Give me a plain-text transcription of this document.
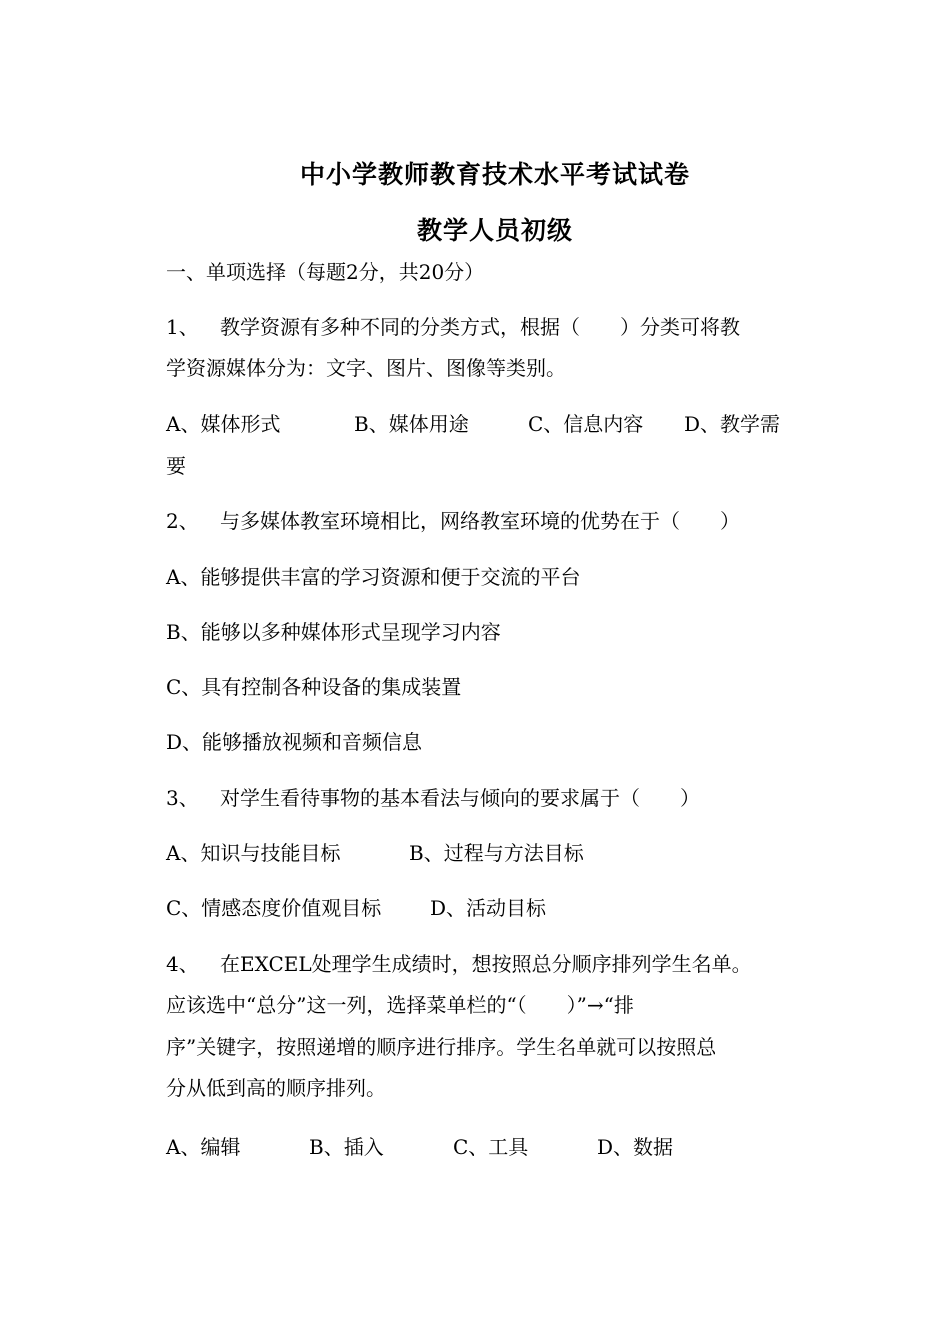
中小学教师教育技术水平考试试卷
教学人员初级
一、单项选择（每题2分，共20分）
1、 教学资源有多种不同的分类方式，根据（　　）分类可将教
学资源媒体分为：文字、图片、图像等类别。
A、媒体形式	B、媒体用途	C、信息内容 D、教学需
要
2、 与多媒体教室环境相比，网络教室环境的优势在于（　　）
A、能够提供丰富的学习资源和便于交流的平台
B、能够以多种媒体形式呈现学习内容
C、具有控制各种设备的集成装置
D、能够播放视频和音频信息
3、 对学生看待事物的基本看法与倾向的要求属于（　　）
A、知识与技能目标	B、过程与方法目标
C、情感态度价值观目标 D、活动目标
4、 在EXCEL处理学生成绩时，想按照总分顺序排列学生名单。
应该选中“总分”这一列，选择菜单栏的“（　　）”→“排
序”关键字，按照递增的顺序进行排序。学生名单就可以按照总
分从低到高的顺序排列。
A、编辑	B、插入	C、工具	D、数据
